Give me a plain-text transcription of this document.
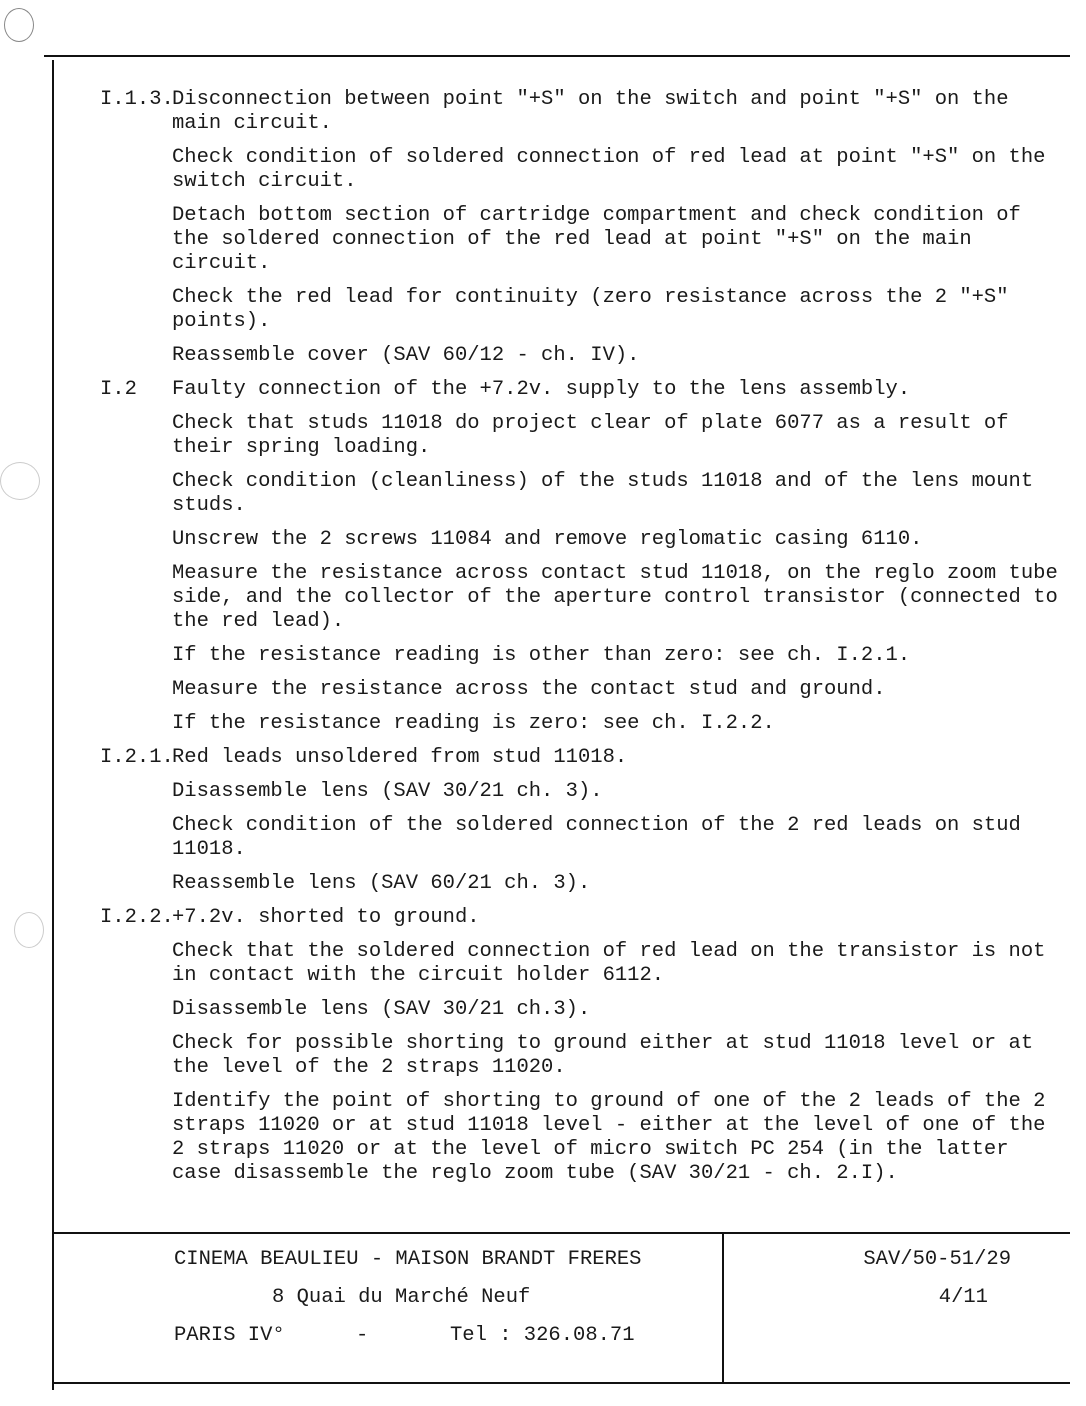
I.1.3.
Disconnection between point "+S" on the switch and point "+S" on the main circuit.
Check condition of soldered connection of red lead at point "+S" on the switch circuit.
Detach bottom section of cartridge compartment and check condition of the soldered connection of the red lead at point "+S" on the main circuit.
Check the red lead for continuity (zero resistance across the 2 "+S" points).
Reassemble cover (SAV 60/12 - ch. IV).
I.2	Faulty connection of the +7.2v. supply to the lens assembly.
Check that studs 11018 do project clear of plate 6077 as a result of their spring loading.
Check condition (cleanliness) of the studs 11018 and of the lens mount studs.
Unscrew the 2 screws 11084 and remove reglomatic casing 6110.
Measure the resistance across contact stud 11018, on the reglo zoom tube side, and the collector of the aperture control transistor (connected to the red lead).
If the resistance reading is other than zero: see ch. I.2.1.
Measure the resistance across the contact stud and ground.
If the resistance reading is zero: see ch. I.2.2.
I.2.1.
Red leads unsoldered from stud 11018.
Disassemble lens (SAV 30/21 ch. 3).
Check condition of the soldered connection of the 2 red leads on stud 11018.
Reassemble lens (SAV 60/21 ch. 3).
I.2.2.
+7.2v. shorted to ground.
Check that the soldered connection of red lead on the transistor is not in contact with the circuit holder 6112.
Disassemble lens (SAV 30/21 ch.3).
Check for possible shorting to ground either at stud 11018 level or at the level of the 2 straps 11020.
Identify the point of shorting to ground of one of the 2 leads of the 2 straps 11020 or at stud 11018 level - either at the level of one of the 2 straps 11020 or at the level of micro switch PC 254 (in the latter case disassemble the reglo zoom tube (SAV 30/21 - ch. 2.I).
CINEMA BEAULIEU - MAISON BRANDT FRERES
8 Quai du Marché Neuf
PARIS IV°	-	Tel : 326.08.71
SAV/50-51/29
4/11
